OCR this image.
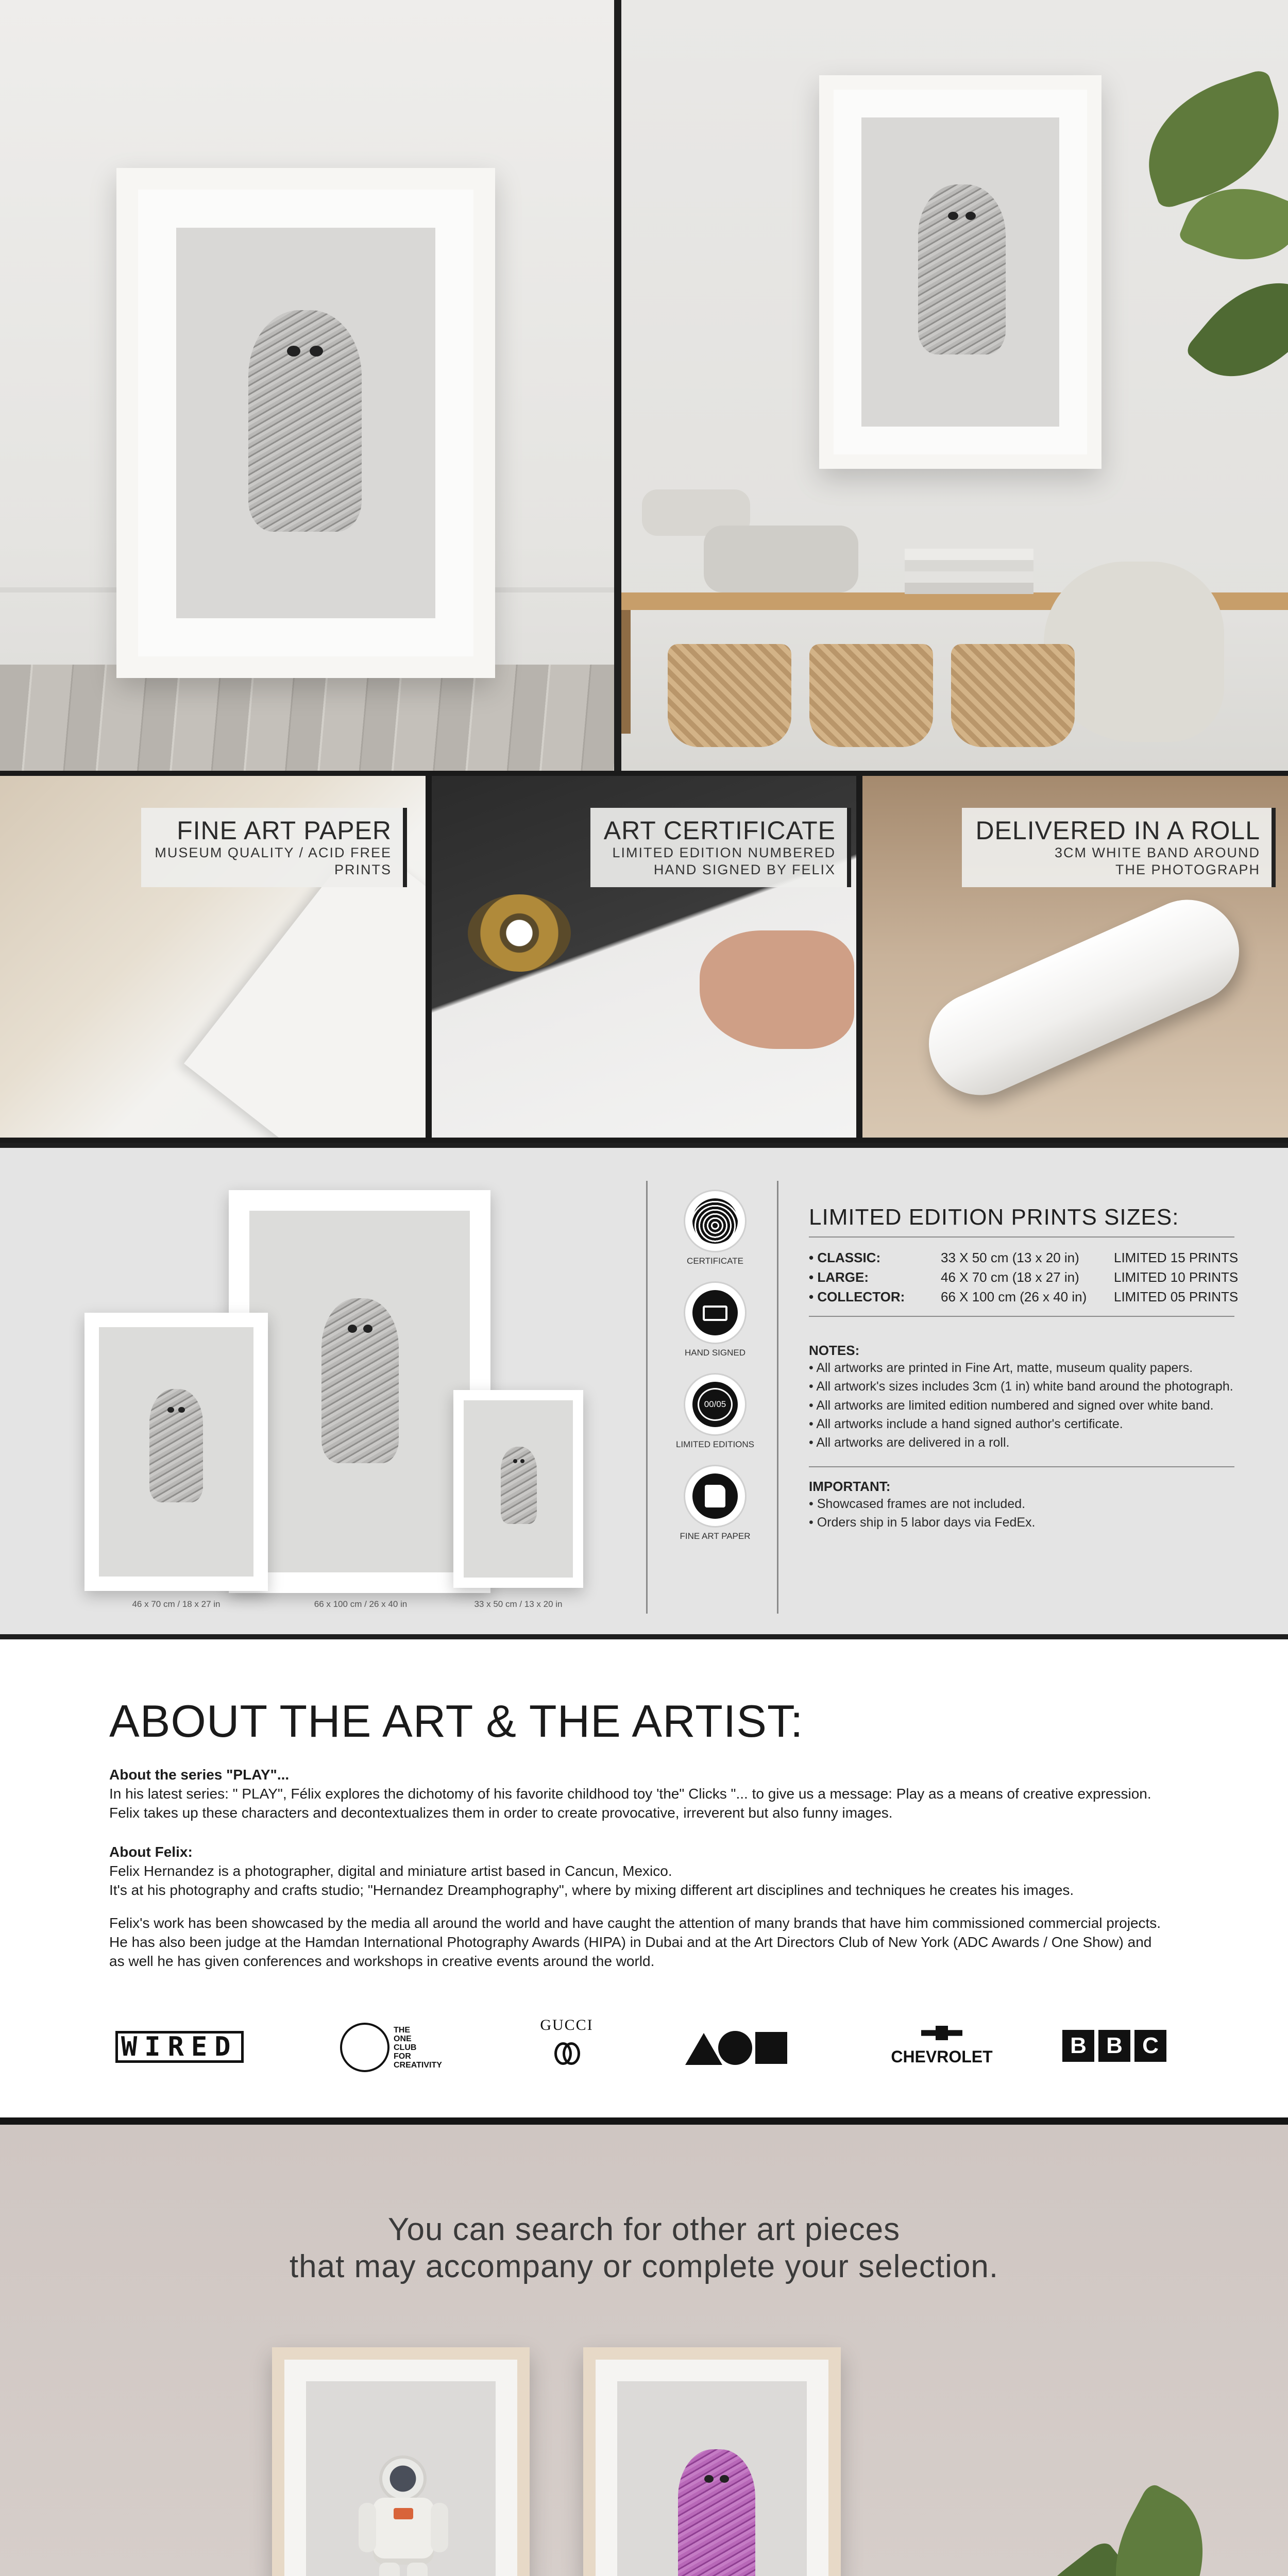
FINE ART PAPER
MUSEUM QUALITY / ACID FREE
PRINTS
ART CERTIFICATE
LIMITED EDITION NUMBERED
HAND SIGNED BY FELIX
DELIVERED IN A ROLL
3CM WHITE BAND AROUND
THE PHOTOGRAPH
46 x 70 cm / 18 x 27 in	66 x 100 cm / 26 x 40 in	33 x 50 cm / 13 x 20 in
CERTIFICATE
HAND SIGNED
00/05
LIMITED EDITIONS
FINE ART PAPER
LIMITED EDITION PRINTS SIZES:
• CLASSIC:	33 X 50 cm (13 x 20 in)	LIMITED 15 PRINTS
• LARGE:	46 X 70 cm (18 x 27 in)	LIMITED 10 PRINTS
• COLLECTOR:	66 X 100 cm (26 x 40 in) LIMITED 05 PRINTS
NOTES:
• All artworks are printed in Fine Art, matte, museum quality papers.
• All artwork's sizes includes 3cm (1 in) white band around the photograph.
• All artworks are limited edition numbered and signed over white band.
• All artworks include a hand signed author's certificate.
• All artworks are delivered in a roll.
IMPORTANT:
• Showcased frames are not included.
• Orders ship in 5 labor days via FedEx.
ABOUT THE ART & THE ARTIST:
About the series "PLAY"...
In his latest series: " PLAY", Félix explores the dichotomy of his favorite childhood toy 'the" Clicks "... to give us a message: Play as a means of creative expression.
Felix takes up these characters and decontextualizes them in order to create provocative, irreverent but also funny images.
About Felix:
Felix Hernandez is a photographer, digital and miniature artist based in Cancun, Mexico.
It's at his photography and crafts studio; "Hernandez Dreamphography", where by mixing different art disciplines and techniques he creates his images.
Felix's work has been showcased by the media all around the world and have caught the attention of many brands that have him commissioned commercial projects.
He has also been judge at the Hamdan International Photography Awards (HIPA) in Dubai and at the Art Directors Club of New York (ADC Awards / One Show) and
as well he has given conferences and workshops in creative events around the world.
WIRED
THE
ONE
CLUB
FOR
CREATIVITY
GUCCI
CHEVROLET	B B C
You can search for other art pieces
that may accompany or complete your selection.
